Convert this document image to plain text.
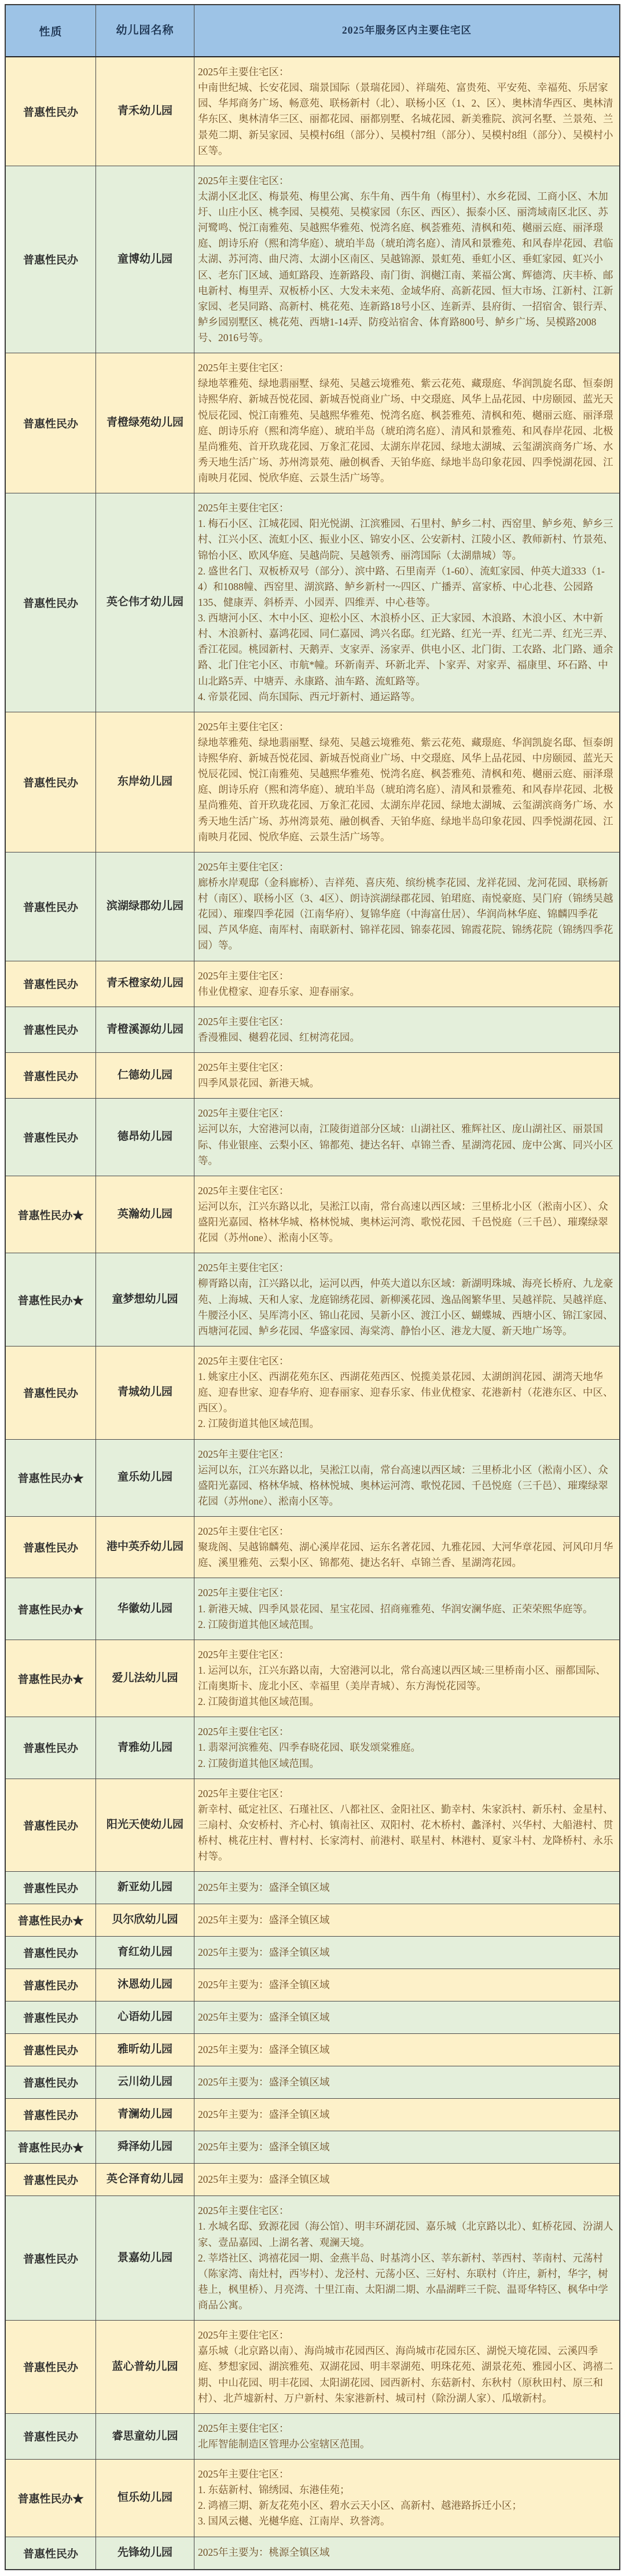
性质	幼儿园名称	2025年服务区内主要住宅区
普惠性民办	青禾幼儿园
2025年主要住宅区：
中南世纪城、长安花园、瑞景国际（景瑞花园）、祥瑞苑、富贵苑、平安苑、幸福苑、乐居家园、华邦商务广场、畅意苑、联杨新村（北）、联杨小区（1、2、区）、奥林清华西区、奥林清华东区、奥林清华三区、丽都花园、丽都别墅、名城花园、新美雅院、滨河名墅、兰景苑、兰景苑二期、新吴家园、吴模村6组（部分）、吴模村7组（部分）、吴模村8组（部分）、吴模村小区等。
普惠性民办	童博幼儿园
2025年主要住宅区：
太湖小区北区、梅景苑、梅里公寓、东牛角、西牛角（梅里村）、水乡花园、工商小区、木加圩、山庄小区、桃李园、吴模苑、吴模家园（东区、西区）、振泰小区、丽湾域南区北区、苏河鹭鸣、悦江南雅苑、吴越熙华雅苑、悦湾名庭、枫荟雅苑、清枫和苑、樾丽云庭、丽泽璟庭、朗诗乐府（熙和湾华庭）、琥珀半岛（琥珀湾名庭）、清风和景雅苑、和风春岸花园、君临太湖、苏河湾、曲尺湾、太湖小区南区、吴越锦源、景虹苑、垂虹小区、垂虹家园、虹兴小区、老东门区域、通虹路段、连新路段、南门街、润樾江南、莱福公寓、辉德湾、庆丰桥、邮电新村、梅里弄、双板桥小区、大发未来苑、金域华府、高新花园、恒大市场、江新村、江新家园、老吴同路、高新村、桃花苑、连新路18号小区、连新弄、县府街、一招宿舍、银行弄、鲈乡园别墅区、桃花苑、西塘1-14弄、防疫站宿舍、体育路800号、鲈乡广场、吴模路2008号、2016号等。
普惠性民办	青橙绿苑幼儿园
2025年主要住宅区：
绿地萃雅苑、绿地翡丽墅、绿苑、吴越云境雅苑、紫云花苑、藏璟庭、华润凯旋名邸、恒泰朗诗熙华府、新城吾悦花园、新城吾悦商业广场、中交璟庭、风华上品花园、中房颐园、蓝光天悦辰花园、悦江南雅苑、吴越熙华雅苑、悦湾名庭、枫荟雅苑、清枫和苑、樾丽云庭、丽泽璟庭、朗诗乐府（熙和湾华庭）、琥珀半岛（琥珀湾名庭）、清风和景雅苑、和风春岸花园、北极星尚雅苑、首开玖珑花园、万象汇花园、太湖东岸花园、绿地太湖城、云玺湖滨商务广场、水秀天地生活广场、苏州湾景苑、融创枫香、天铂华庭、绿地半岛印象花园、四季悦湖花园、江南映月花园、悦欣华庭、云景生活广场等。
普惠性民办	英仑伟才幼儿园
2025年主要住宅区：
1. 梅石小区、江城花园、阳光悦湖、江滨雅园、石里村、鲈乡二村、西窑里、鲈乡苑、鲈乡三村、江兴小区、流虹小区、振业小区、锦安小区、公安新村、江陵小区、教师新村、竹景苑、锦怡小区、欧风华庭、吴越尚院、吴越领秀、丽湾国际（太湖鼎城）等。
2. 盛世名门、双板桥双号（部分）、滨中路、石里南弄（1-60）、流虹家园、仲英大道333（1-4）和1088幢、西窑里、湖滨路、鲈乡新村一~四区、广播弄、富家桥、中心北巷、公园路135、健康弄、斜桥弄、小园弄、四维弄、中心巷等。
3. 西塘河小区、木中小区、迎松小区、木浪桥小区、正大家园、木浪路、木浪小区、木中新村、木浪新村、嘉鸿花园、同仁嘉园、鸿兴名邸。红光路、红光一弄、红光二弄、红光三弄、香江花园。桃园新村、天鹅弄、支家弄、汤家弄、供电小区、北门街、工农路、北门路、通余路、北门住宅小区、市航*幢。环新南弄、环新北弄、卜家弄、对家弄、福康里、环石路、中山北路5弄、中塘弄、永康路、油车路、流虹路等。
4. 帝景花园、尚东国际、西元圩新村、通运路等。
普惠性民办	东岸幼儿园
2025年主要住宅区：
绿地萃雅苑、绿地翡丽墅、绿苑、吴越云境雅苑、紫云花苑、藏璟庭、华润凯旋名邸、恒泰朗诗熙华府、新城吾悦花园、新城吾悦商业广场、中交璟庭、风华上品花园、中房颐园、蓝光天悦辰花园、悦江南雅苑、吴越熙华雅苑、悦湾名庭、枫荟雅苑、清枫和苑、樾丽云庭、丽泽璟庭、朗诗乐府（熙和湾华庭）、琥珀半岛（琥珀湾名庭）、清风和景雅苑、和风春岸花园、北极星尚雅苑、首开玖珑花园、万象汇花园、太湖东岸花园、绿地太湖城、云玺湖滨商务广场、水秀天地生活广场、苏州湾景苑、融创枫香、天铂华庭、绿地半岛印象花园、四季悦湖花园、江南映月花园、悦欣华庭、云景生活广场等。
普惠性民办	滨湖绿郡幼儿园
2025年主要住宅区：
廊桥水岸观邸（金科廊桥）、吉祥苑、喜庆苑、缤纷桃李花园、龙祥花园、龙河花园、联杨新村（南区）、联杨小区（3、4区）、朗诗滨湖绿郡花园、铂珺庭、南悦豪庭、吴门府（锦绣吴越花园）、璀璨四季花园（江南华府）、复锦华庭（中海富仕居）、华润尚林华庭、锦麟四季花园、芦风华庭、南厍村、南联新村、锦祥花园、锦泰花园、锦霞花院、锦绣花院（锦绣四季花园）等。
普惠性民办	青禾橙家幼儿园
2025年主要住宅区：
伟业优橙家、迎春乐家、迎春丽家。
普惠性民办	青橙溪源幼儿园
2025年主要住宅区：
香漫雅园、樾碧花园、红树湾花园。
普惠性民办	仁德幼儿园
2025年主要住宅区：
四季风景花园、新港天城。
普惠性民办	德昂幼儿园
2025年主要住宅区：
运河以东，大窑港河以南，江陵街道部分区域：山湖社区、雅辉社区、庞山湖社区、丽景国际、伟业银座、云梨小区、锦都苑、捷达名轩、卓锦兰香、星湖湾花园、庞中公寓、同兴小区等。
普惠性民办★	英瀚幼儿园
2025年主要住宅区：
运河以东，江兴东路以北，吴淞江以南，常台高速以西区域：三里桥北小区（淞南小区）、众盛阳光嘉园、格林华城、格林悦城、奥林运河湾、歌悦花园、千邑悦庭（三千邑）、璀璨绿翠花园（苏州one）、淞南小区等。
普惠性民办★	童梦想幼儿园
2025年主要住宅区：
柳胥路以南，江兴路以北，运河以西，仲英大道以东区域：新湖明珠城、海亮长桥府、九龙豪苑、上海城、天和人家、龙庭锦绣花园、新柳溪花园、逸品阁繁华里、吴越祥院、吴越祥庭、牛腰泾小区、吴厍湾小区、锦山花园、吴新小区、渡江小区、蝴蝶城、西塘小区、锦江家园、西塘河花园、鲈乡花园、华盛家园、海棠湾、静怡小区、港龙大厦、新天地广场等。
普惠性民办	青城幼儿园
2025年主要住宅区：
1. 姚家庄小区、西湖花苑东区、西湖花苑西区、悦揽美景花园、太湖朗润花园、湖湾天地华庭、迎春世家、迎春华府、迎春丽家、迎春乐家、伟业优橙家、花港新村（花港东区、中区、西区）。
2. 江陵街道其他区域范围。
普惠性民办★	童乐幼儿园
2025年主要住宅区：
运河以东，江兴东路以北，吴淞江以南，常台高速以西区域：三里桥北小区（淞南小区）、众盛阳光嘉园、格林华城、格林悦城、奥林运河湾、歌悦花园、千邑悦庭（三千邑）、璀璨绿翠花园（苏州one）、淞南小区等。
普惠性民办	港中英乔幼儿园
2025年主要住宅区：
聚珑阁、吴越锦麟苑、湖心溪岸花园、运东名著花园、九雅花园、大河华章花园、河风印月华庭、溪里雅苑、云梨小区、锦都苑、捷达名轩、卓锦兰香、星湖湾花园。
普惠性民办★	华徽幼儿园
2025年主要住宅区：
1. 新港天城、四季风景花园、星宝花园、招商雍雅苑、华润安澜华庭、正荣荣熙华庭等。
2. 江陵街道其他区域范围。
普惠性民办★	爱儿法幼儿园
2025年主要住宅区：
1. 运河以东，江兴东路以南，大窑港河以北，常台高速以西区域:三里桥南小区、丽都国际、江南奥斯卡、庞北小区、幸福里（美岸青城）、东方海悦花园等。
2. 江陵街道其他区域范围。
普惠性民办	青雅幼儿园
2025年主要住宅区：
1. 翡翠河滨雅苑、四季春晓花园、联发颂棠雅庭。
2. 江陵街道其他区域范围。
普惠性民办	阳光天使幼儿园
2025年主要住宅区：
新幸村、砥定社区、石瑾社区、八都社区、金阳社区、勤幸村、朱家浜村、新乐村、金星村、三扇村、众安桥村、齐心村、镇南社区、双阳村、花木桥村、蠡泽村、兴华村、大船港村、贯桥村、桃花庄村、曹村村、长家湾村、前港村、联星村、林港村、夏家斗村、龙降桥村、永乐村等。
普惠性民办	新亚幼儿园	2025年主要为：盛泽全镇区域
普惠性民办★	贝尔欣幼儿园	2025年主要为：盛泽全镇区域
普惠性民办	育红幼儿园	2025年主要为：盛泽全镇区域
普惠性民办	沐恩幼儿园	2025年主要为：盛泽全镇区域
普惠性民办	心语幼儿园	2025年主要为：盛泽全镇区域
普惠性民办	雅昕幼儿园	2025年主要为：盛泽全镇区域
普惠性民办	云川幼儿园	2025年主要为：盛泽全镇区域
普惠性民办	青澜幼儿园	2025年主要为：盛泽全镇区域
普惠性民办★	舜泽幼儿园	2025年主要为：盛泽全镇区域
普惠性民办	英仑泽育幼儿园	2025年主要为：盛泽全镇区域
普惠性民办	景嘉幼儿园
2025年主要住宅区：
1. 水城名邸、致源花园（海公馆）、明丰环湖花园、嘉乐城（北京路以北）、虹桥花园、汾湖人家、壹品嘉园、上湖名著、观澜天境。
2. 莘塔社区、鸿禧花园一期、金燕半岛、时基湾小区、莘东新村、莘西村、莘南村、元荡村（陈家湾、南灶村，西岑村）、龙泾村、元荡小区、三好村、东联村（许庄，新村，华字，树巷上，枫里桥）、月亮湾、十里江南、太阳湖二期、水晶湖畔三千院、温哥华特区、枫华中学商品公寓。
普惠性民办	蓝心普幼儿园
2025年主要住宅区：
嘉乐城（北京路以南）、海尚城市花园西区、海尚城市花园东区、湖悦天境花园、云溪四季庭、梦想家园、湖滨雅苑、双湖花园、明丰翠湖苑、明珠花苑、湖景花苑、雅园小区、鸿禧二期、中山花园、明丰花园、太阳湖花园、园西新村、东菇新村、东秋村（原秋田村、原三和村）、北芦墟新村、万户新村、朱家港新村、城司村（除汾湖人家）、瓜墩新村。
普惠性民办	睿思童幼儿园
2025年主要住宅区：
北厍智能制造区管理办公室辖区范围。
普惠性民办★	恒乐幼儿园
2025年主要住宅区：
1. 东菇新村、锦绣园、东港佳苑；
2. 鸿禧三期、新友花苑小区、碧水云天小区、高新村、越港路拆迁小区；
3. 国风云樾、光樾华庭、江南岸、玖誉湾。
普惠性民办	先锋幼儿园	2025年主要为：桃源全镇区域
